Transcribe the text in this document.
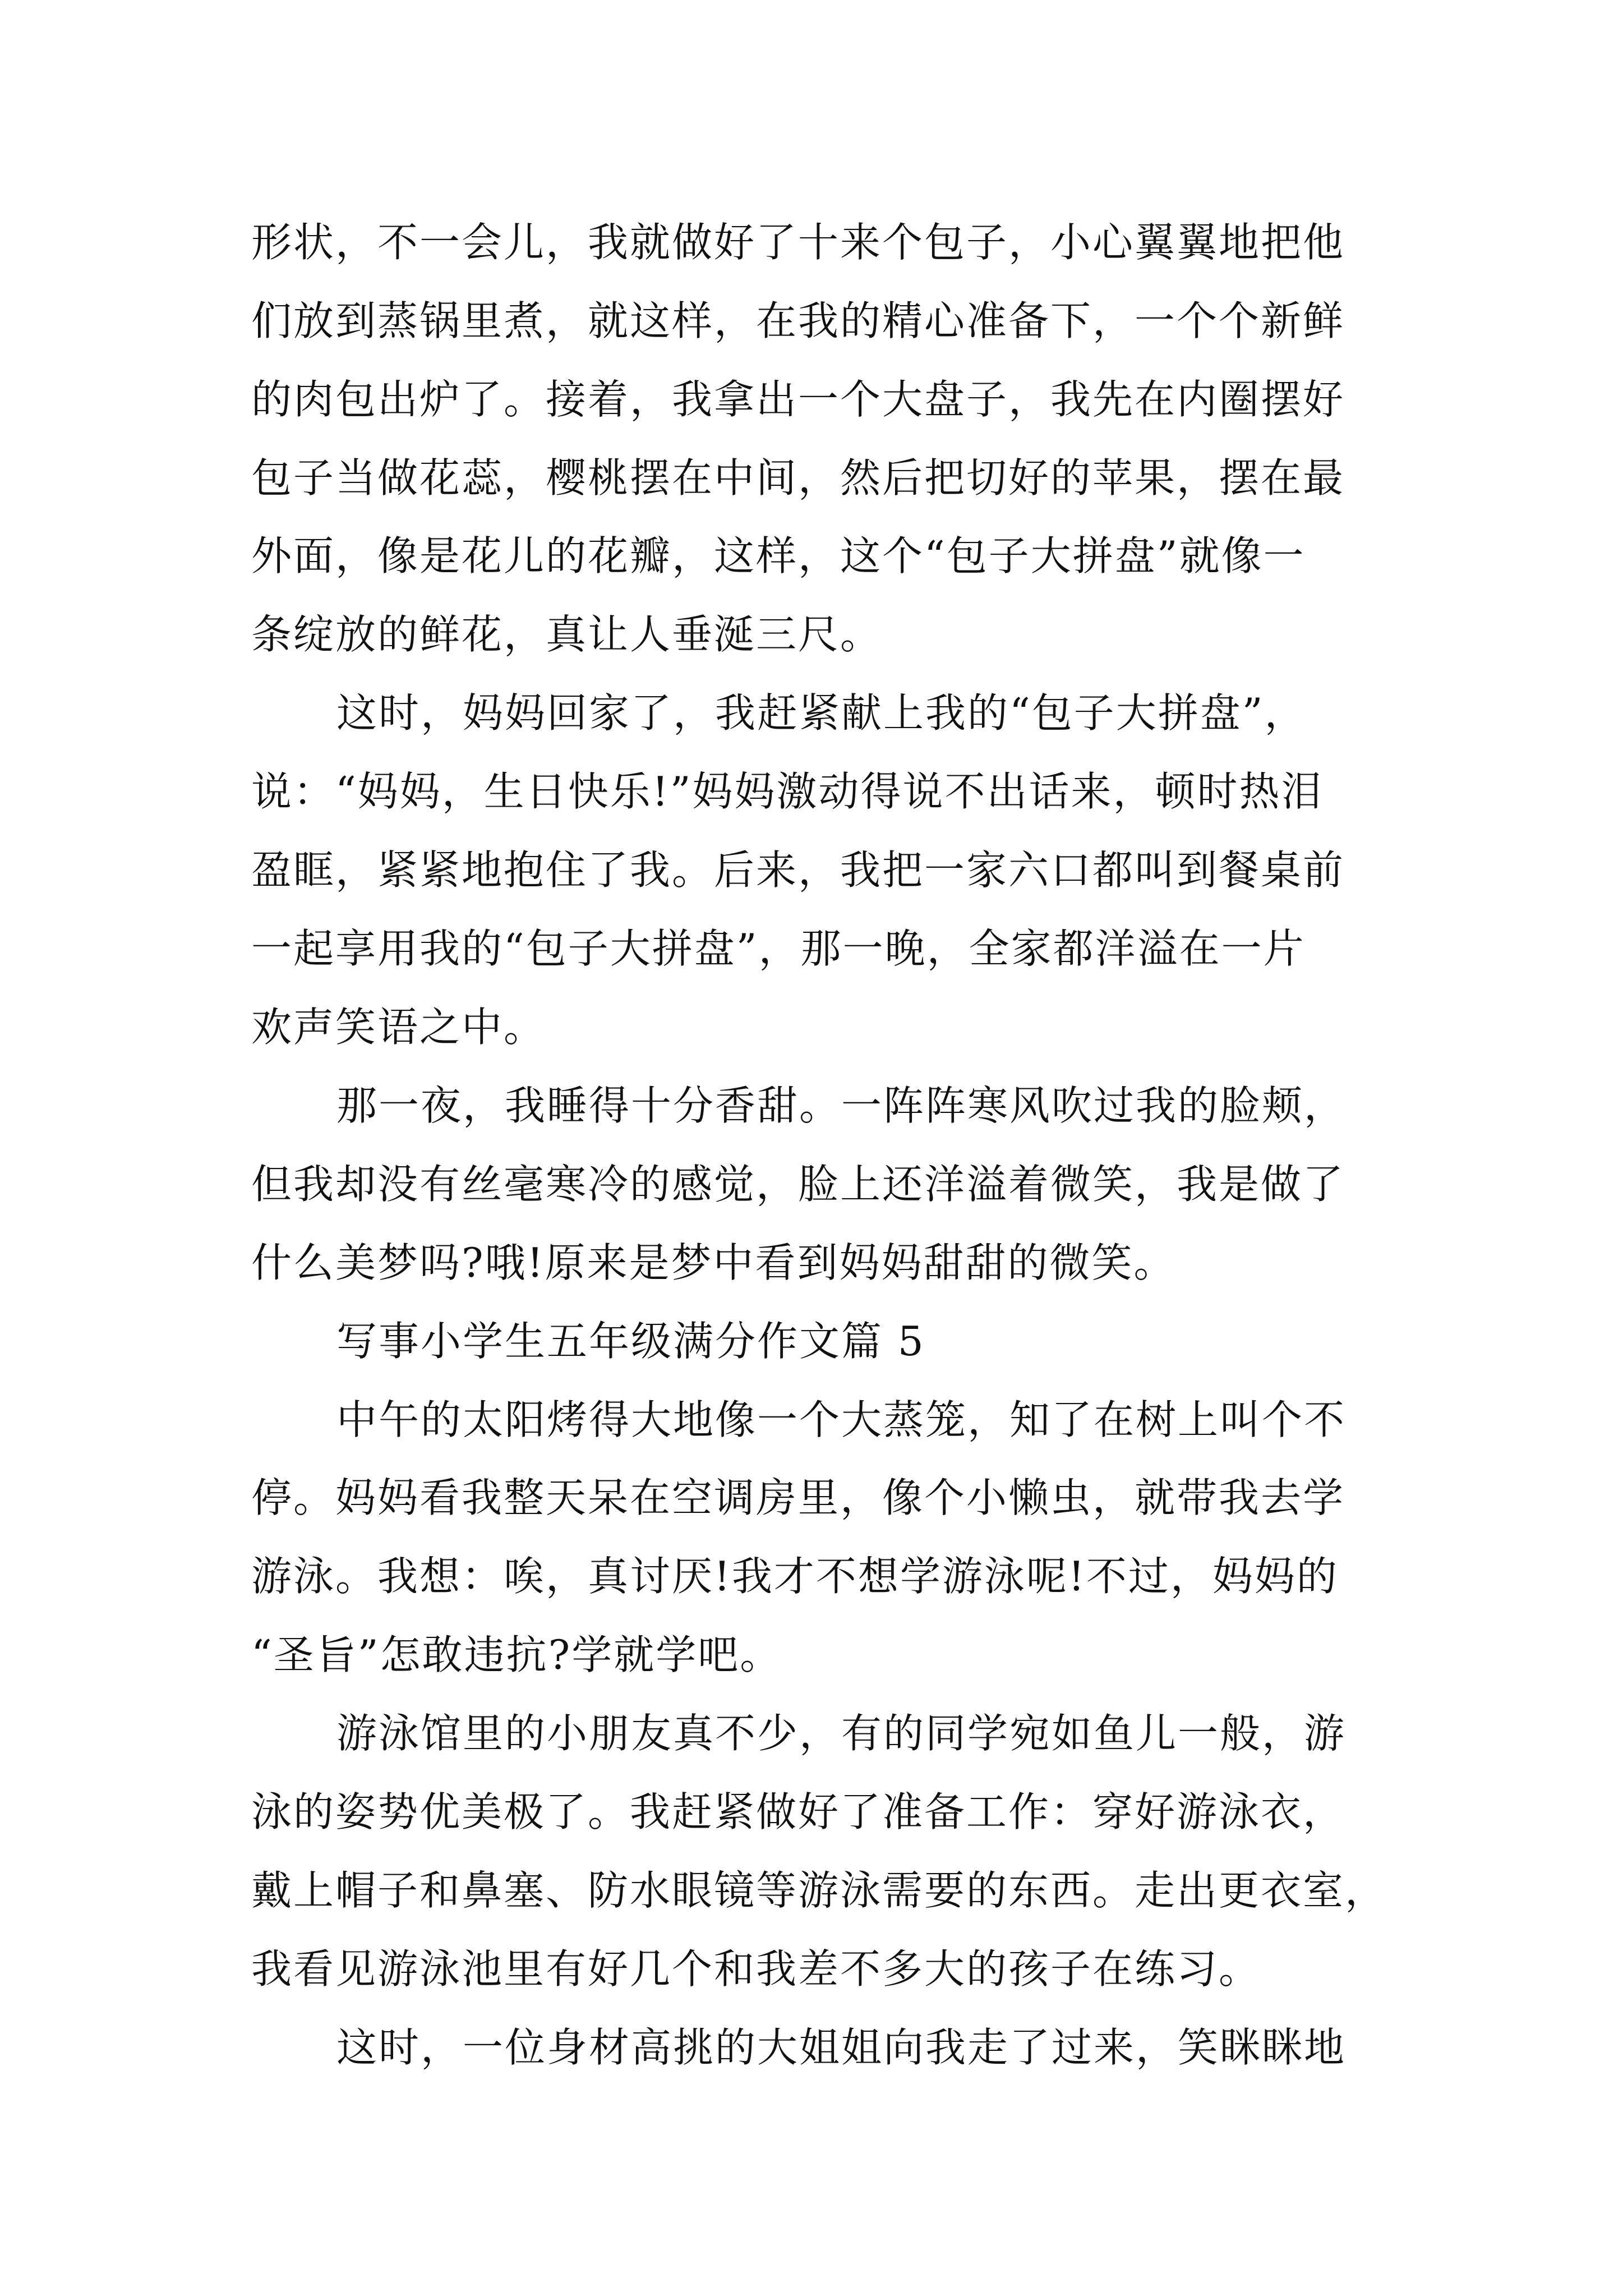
形状，不一会儿，我就做好了十来个包子，小心翼翼地把他
们放到蒸锅里煮，就这样，在我的精心准备下，一个个新鲜
的肉包出炉了。接着，我拿出一个大盘子，我先在内圈摆好
包子当做花蕊，樱桃摆在中间，然后把切好的苹果，摆在最
外面，像是花儿的花瓣，这样，这个“包子大拼盘”就像一
条绽放的鲜花，真让人垂涎三尺。
这时，妈妈回家了，我赶紧献上我的“包子大拼盘”，
说：“妈妈，生日快乐!”妈妈激动得说不出话来，顿时热泪
盈眶，紧紧地抱住了我。后来，我把一家六口都叫到餐桌前
一起享用我的“包子大拼盘”，那一晚，全家都洋溢在一片
欢声笑语之中。
那一夜，我睡得十分香甜。一阵阵寒风吹过我的脸颊，
但我却没有丝毫寒冷的感觉，脸上还洋溢着微笑，我是做了
什么美梦吗?哦!原来是梦中看到妈妈甜甜的微笑。
写事小学生五年级满分作文篇 5
中午的太阳烤得大地像一个大蒸笼，知了在树上叫个不
停。妈妈看我整天呆在空调房里，像个小懒虫，就带我去学
游泳。我想：唉，真讨厌!我才不想学游泳呢!不过，妈妈的
“圣旨”怎敢违抗?学就学吧。
游泳馆里的小朋友真不少，有的同学宛如鱼儿一般，游
泳的姿势优美极了。我赶紧做好了准备工作：穿好游泳衣，
戴上帽子和鼻塞、防水眼镜等游泳需要的东西。走出更衣室，
我看见游泳池里有好几个和我差不多大的孩子在练习。
这时，一位身材高挑的大姐姐向我走了过来，笑眯眯地
